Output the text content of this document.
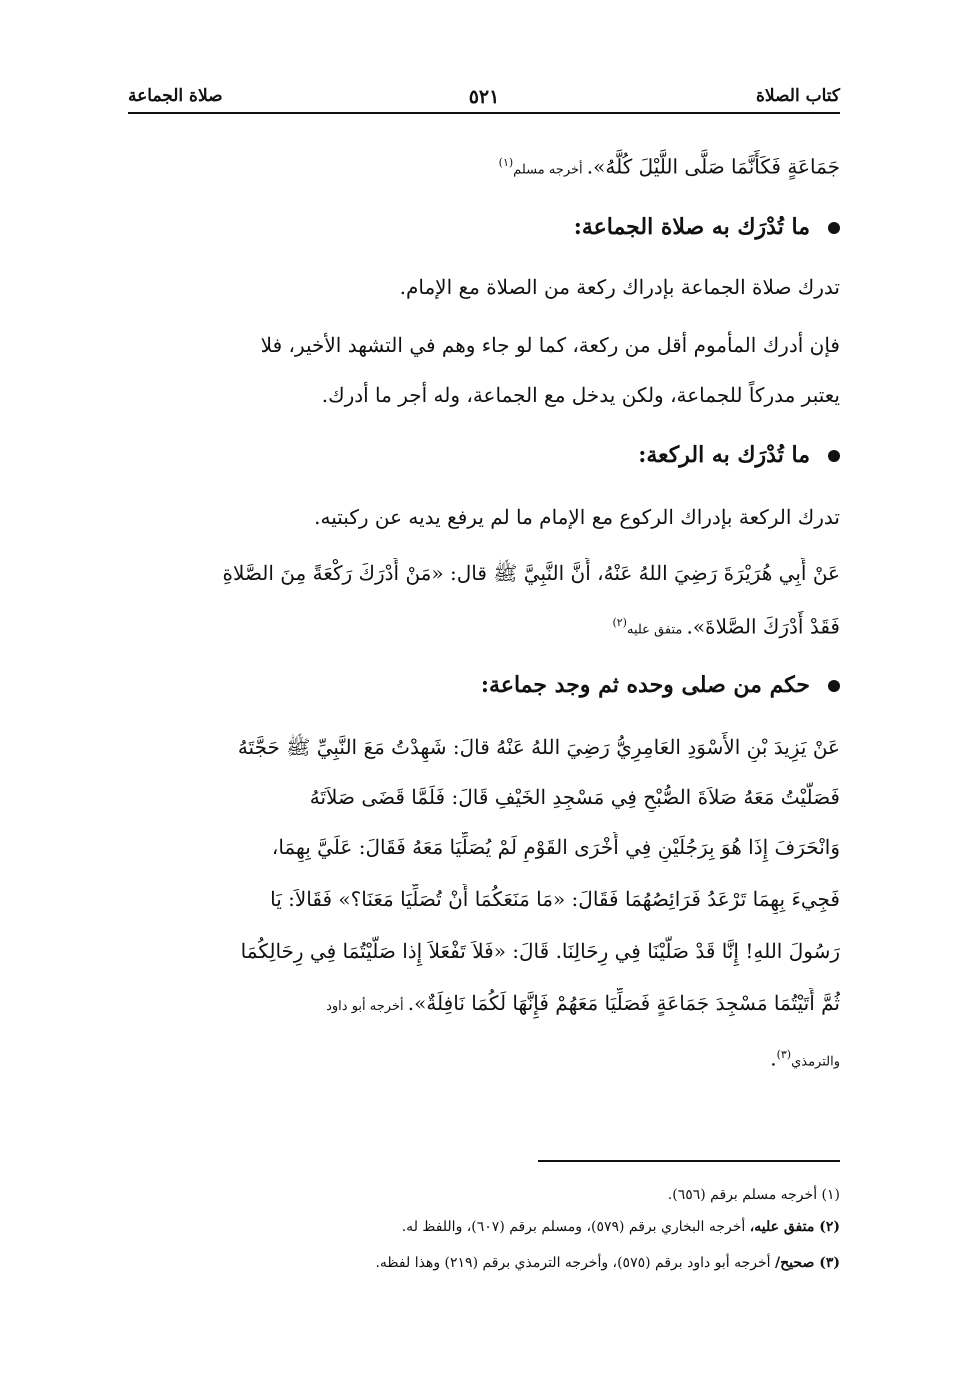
كتاب الصلاة
٥٢١
صلاة الجماعة
جَمَاعَةٍ فَكَأَنَّمَا صَلَّى اللَّيْلَ كُلَّهُ». أخرجه مسلم$^{(١)}$
ما تُدْرَك به صلاة الجماعة:
تدرك صلاة الجماعة بإدراك ركعة من الصلاة مع الإمام.
فإن أدرك المأموم أقل من ركعة، كما لو جاء وهم في التشهد الأخير، فلا
يعتبر مدركاً للجماعة، ولكن يدخل مع الجماعة، وله أجر ما أدرك.
ما تُدْرَك به الركعة:
تدرك الركعة بإدراك الركوع مع الإمام ما لم يرفع يديه عن ركبتيه.
عَنْ أَبِي هُرَيْرَةَ رَضِيَ اللهُ عَنْهُ، أَنَّ النَّبِيَّ ﷺ قال: «مَنْ أَدْرَكَ رَكْعَةً مِنَ الصَّلاةِ
فَقَدْ أَدْرَكَ الصَّلاةَ». متفق عليه$^{(٢)}$
حكم من صلى وحده ثم وجد جماعة:
عَنْ يَزِيدَ بْنِ الأَسْوَدِ العَامِرِيُّ رَضِيَ اللهُ عَنْهُ قالَ: شَهِدْتُ مَعَ النَّبِيِّ ﷺ حَجَّتَهُ
فَصَلَّيْتُ مَعَهُ صَلاَةَ الصُّبْحِ فِي مَسْجِدِ الخَيْفِ قَالَ: فَلَمَّا قَضَى صَلاَتَهُ
وَانْحَرَفَ إِذَا هُوَ بِرَجُلَيْنِ فِي أُخْرَى القَوْمِ لَمْ يُصَلِّيَا مَعَهُ فَقَالَ: عَلَيَّ بِهِمَا،
فَجِيءَ بِهِمَا تَرْعَدُ فَرَائِصُهُمَا فَقَالَ: «مَا مَنَعَكُمَا أَنْ تُصَلِّيَا مَعَنَا؟» فَقَالاَ: يَا
رَسُولَ اللهِ! إِنَّا قَدْ صَلَّيْنَا فِي رِحَالِنَا. قَالَ: «فَلاَ تَفْعَلاَ إِذا صَلَّيْتُمَا فِي رِحَالِكُمَا
ثُمَّ أَتَيْتُمَا مَسْجِدَ جَمَاعَةٍ فَصَلِّيَا مَعَهُمْ فَإِنَّهَا لَكُمَا نَافِلَةٌ». أخرجه أبو داود
والترمذي$^{(٣)}$.
(١) أخرجه مسلم برقم (٦٥٦).
(٢) متفق عليه، أخرجه البخاري برقم (٥٧٩)، ومسلم برقم (٦٠٧)، واللفظ له.
(٣) صحيح/ أخرجه أبو داود برقم (٥٧٥)، وأخرجه الترمذي برقم (٢١٩) وهذا لفظه.
